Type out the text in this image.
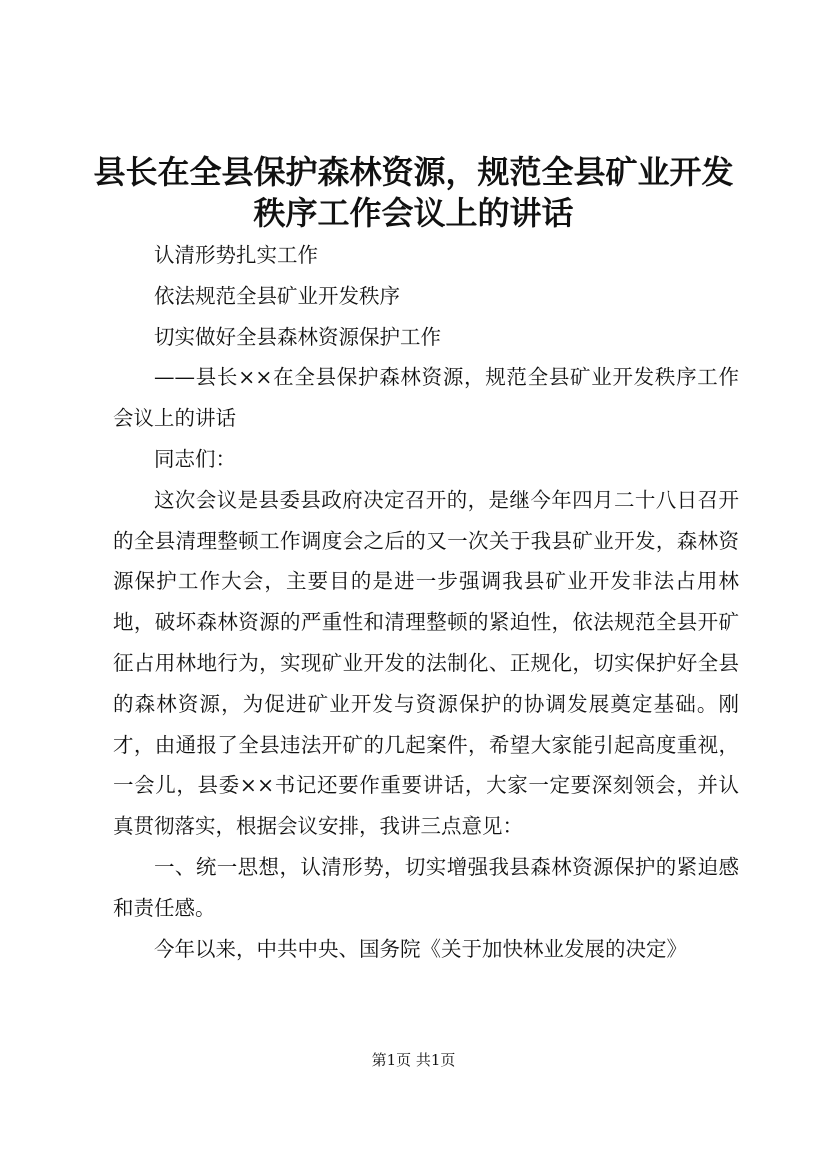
县长在全县保护森林资源，规范全县矿业开发
秩序工作会议上的讲话

认清形势扎实工作

依法规范全县矿业开发秩序

切实做好全县森林资源保护工作

——县长××在全县保护森林资源，规范全县矿业开发秩序工作会议上的讲话

同志们：

这次会议是县委县政府决定召开的，是继今年四月二十八日召开的全县清理整顿工作调度会之后的又一次关于我县矿业开发，森林资源保护工作大会，主要目的是进一步强调我县矿业开发非法占用林地，破坏森林资源的严重性和清理整顿的紧迫性，依法规范全县开矿征占用林地行为，实现矿业开发的法制化、正规化，切实保护好全县的森林资源，为促进矿业开发与资源保护的协调发展奠定基础。刚才，由通报了全县违法开矿的几起案件，希望大家能引起高度重视，一会儿，县委××书记还要作重要讲话，大家一定要深刻领会，并认真贯彻落实，根据会议安排，我讲三点意见：

一、统一思想，认清形势，切实增强我县森林资源保护的紧迫感和责任感。

今年以来，中共中央、国务院《关于加快林业发展的决定》

第1页 共1页
